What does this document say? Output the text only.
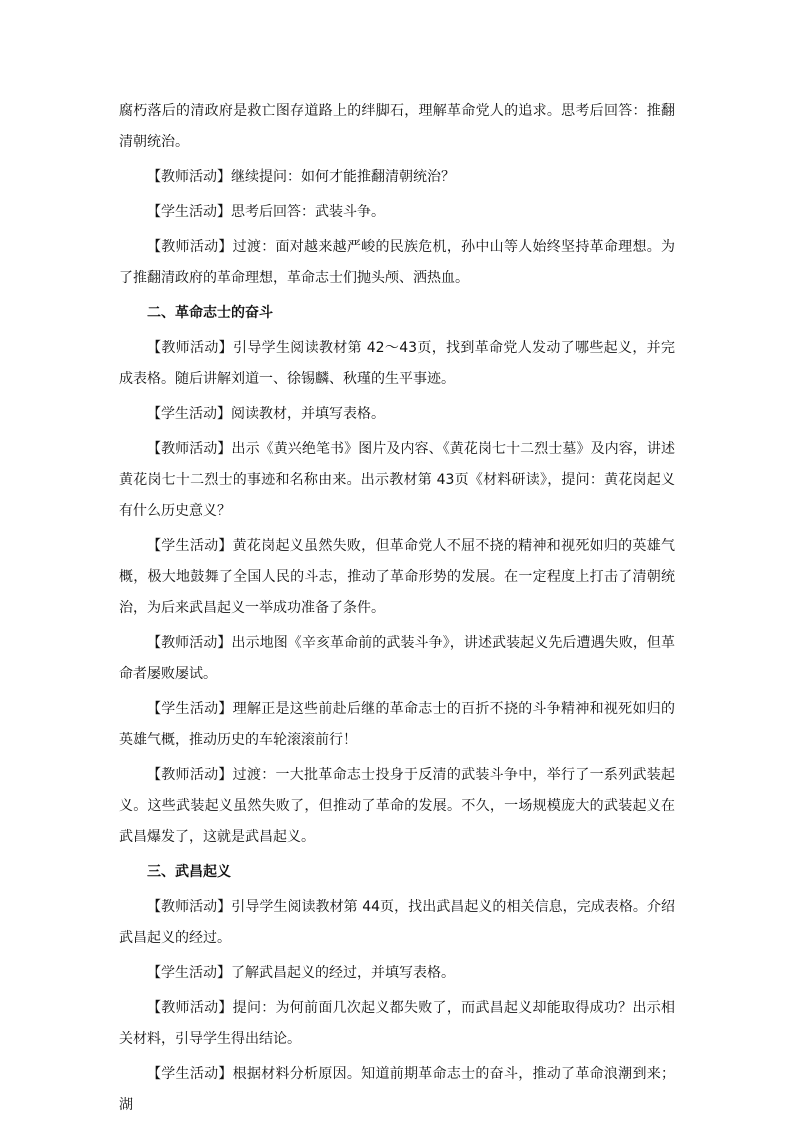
腐朽落后的清政府是救亡图存道路上的绊脚石，理解革命党人的追求。思考后回答：推翻清朝统治。

【教师活动】继续提问：如何才能推翻清朝统治？

【学生活动】思考后回答：武装斗争。

【教师活动】过渡：面对越来越严峻的民族危机，孙中山等人始终坚持革命理想。为了推翻清政府的革命理想，革命志士们抛头颅、洒热血。

二、革命志士的奋斗

【教师活动】引导学生阅读教材第 42～43页，找到革命党人发动了哪些起义，并完成表格。随后讲解刘道一、徐锡麟、秋瑾的生平事迹。

【学生活动】阅读教材，并填写表格。

【教师活动】出示《黄兴绝笔书》图片及内容、《黄花岗七十二烈士墓》及内容，讲述黄花岗七十二烈士的事迹和名称由来。出示教材第 43页《材料研读》，提问：黄花岗起义有什么历史意义？

【学生活动】黄花岗起义虽然失败，但革命党人不屈不挠的精神和视死如归的英雄气概，极大地鼓舞了全国人民的斗志，推动了革命形势的发展。在一定程度上打击了清朝统治，为后来武昌起义一举成功准备了条件。

【教师活动】出示地图《辛亥革命前的武装斗争》，讲述武装起义先后遭遇失败，但革命者屡败屡试。

【学生活动】理解正是这些前赴后继的革命志士的百折不挠的斗争精神和视死如归的英雄气概，推动历史的车轮滚滚前行！

【教师活动】过渡：一大批革命志士投身于反清的武装斗争中，举行了一系列武装起义。这些武装起义虽然失败了，但推动了革命的发展。不久，一场规模庞大的武装起义在武昌爆发了，这就是武昌起义。

三、武昌起义

【教师活动】引导学生阅读教材第 44页，找出武昌起义的相关信息，完成表格。介绍武昌起义的经过。

【学生活动】了解武昌起义的经过，并填写表格。

【教师活动】提问：为何前面几次起义都失败了，而武昌起义却能取得成功？出示相关材料，引导学生得出结论。

【学生活动】根据材料分析原因。知道前期革命志士的奋斗，推动了革命浪潮到来；湖
